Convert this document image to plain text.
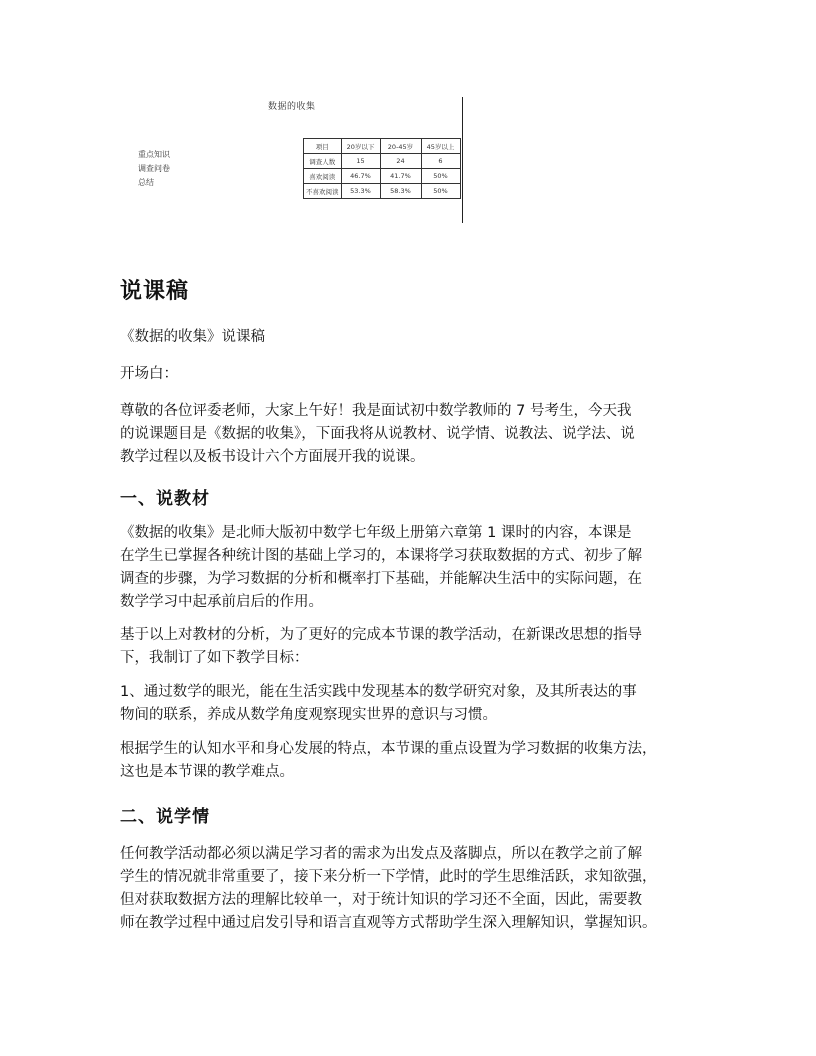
数据的收集
重点知识
调查问卷
总结
项目	20岁以下	20-45岁	45岁以上
调查人数	15	24	6
喜欢阅读	46.7%	41.7%	50%
不喜欢阅读	53.3%	58.3%	50%
说课稿

《数据的收集》说课稿

开场白：

尊敬的各位评委老师，大家上午好！我是面试初中数学教师的 7 号考生，今天我
的说课题目是《数据的收集》，下面我将从说教材、说学情、说教法、说学法、说
教学过程以及板书设计六个方面展开我的说课。
一、说教材
《数据的收集》是北师大版初中数学七年级上册第六章第 1 课时的内容，本课是
在学生已掌握各种统计图的基础上学习的，本课将学习获取数据的方式、初步了解
调查的步骤，为学习数据的分析和概率打下基础，并能解决生活中的实际问题，在
数学学习中起承前启后的作用。
基于以上对教材的分析，为了更好的完成本节课的教学活动，在新课改思想的指导
下，我制订了如下教学目标：
1、通过数学的眼光，能在生活实践中发现基本的数学研究对象，及其所表达的事
物间的联系，养成从数学角度观察现实世界的意识与习惯。
根据学生的认知水平和身心发展的特点，本节课的重点设置为学习数据的收集方法，
这也是本节课的教学难点。
二、说学情
任何教学活动都必须以满足学习者的需求为出发点及落脚点，所以在教学之前了解
学生的情况就非常重要了，接下来分析一下学情，此时的学生思维活跃，求知欲强，
但对获取数据方法的理解比较单一，对于统计知识的学习还不全面，因此，需要教
师在教学过程中通过启发引导和语言直观等方式帮助学生深入理解知识，掌握知识。
